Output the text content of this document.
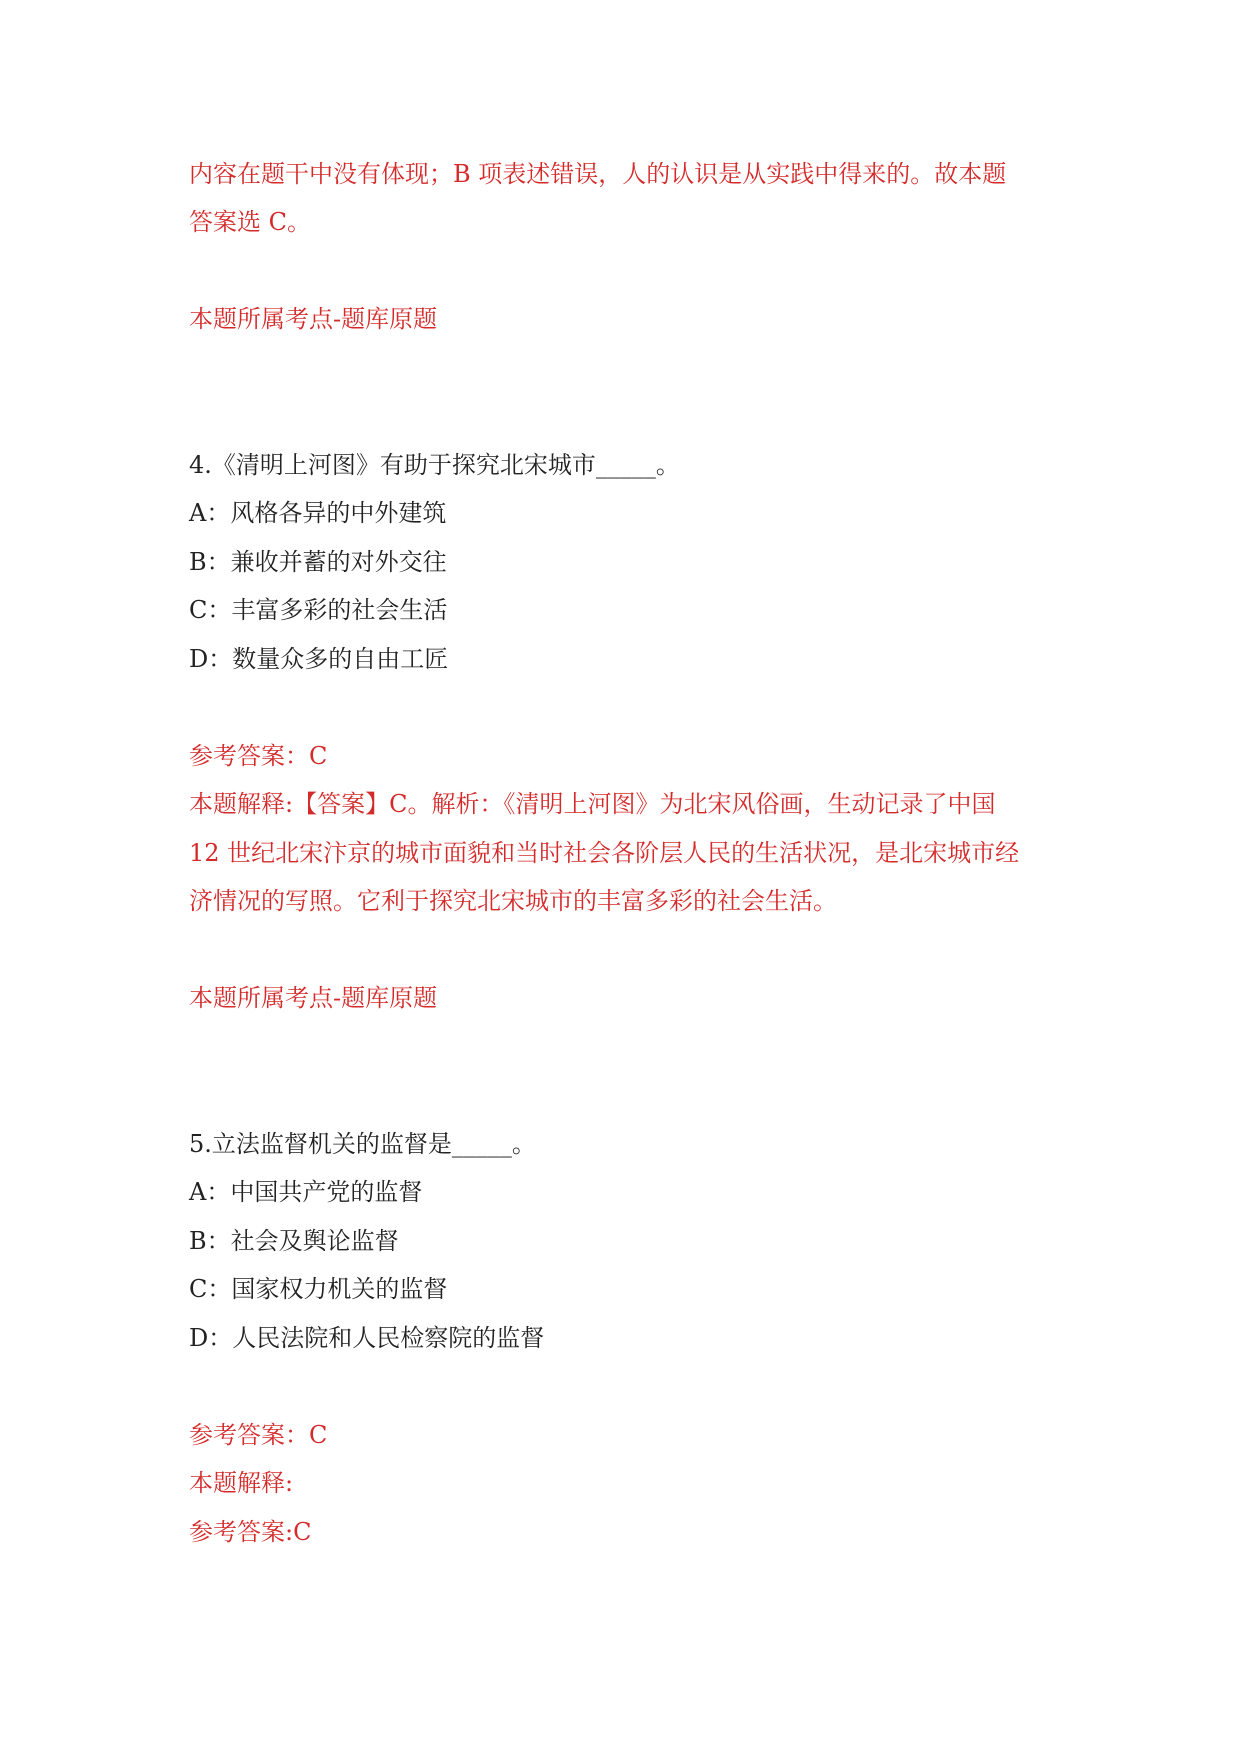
内容在题干中没有体现；B 项表述错误，人的认识是从实践中得来的。故本题
答案选 C。
本题所属考点-题库原题
4.《清明上河图》有助于探究北宋城市_____。
A：风格各异的中外建筑
B：兼收并蓄的对外交往
C：丰富多彩的社会生活
D：数量众多的自由工匠
参考答案：C
本题解释:【答案】C。解析：《清明上河图》为北宋风俗画，生动记录了中国
12 世纪北宋汴京的城市面貌和当时社会各阶层人民的生活状况，是北宋城市经
济情况的写照。它利于探究北宋城市的丰富多彩的社会生活。
本题所属考点-题库原题
5.立法监督机关的监督是_____。
A：中国共产党的监督
B：社会及舆论监督
C：国家权力机关的监督
D：人民法院和人民检察院的监督
参考答案：C
本题解释:
参考答案:C
